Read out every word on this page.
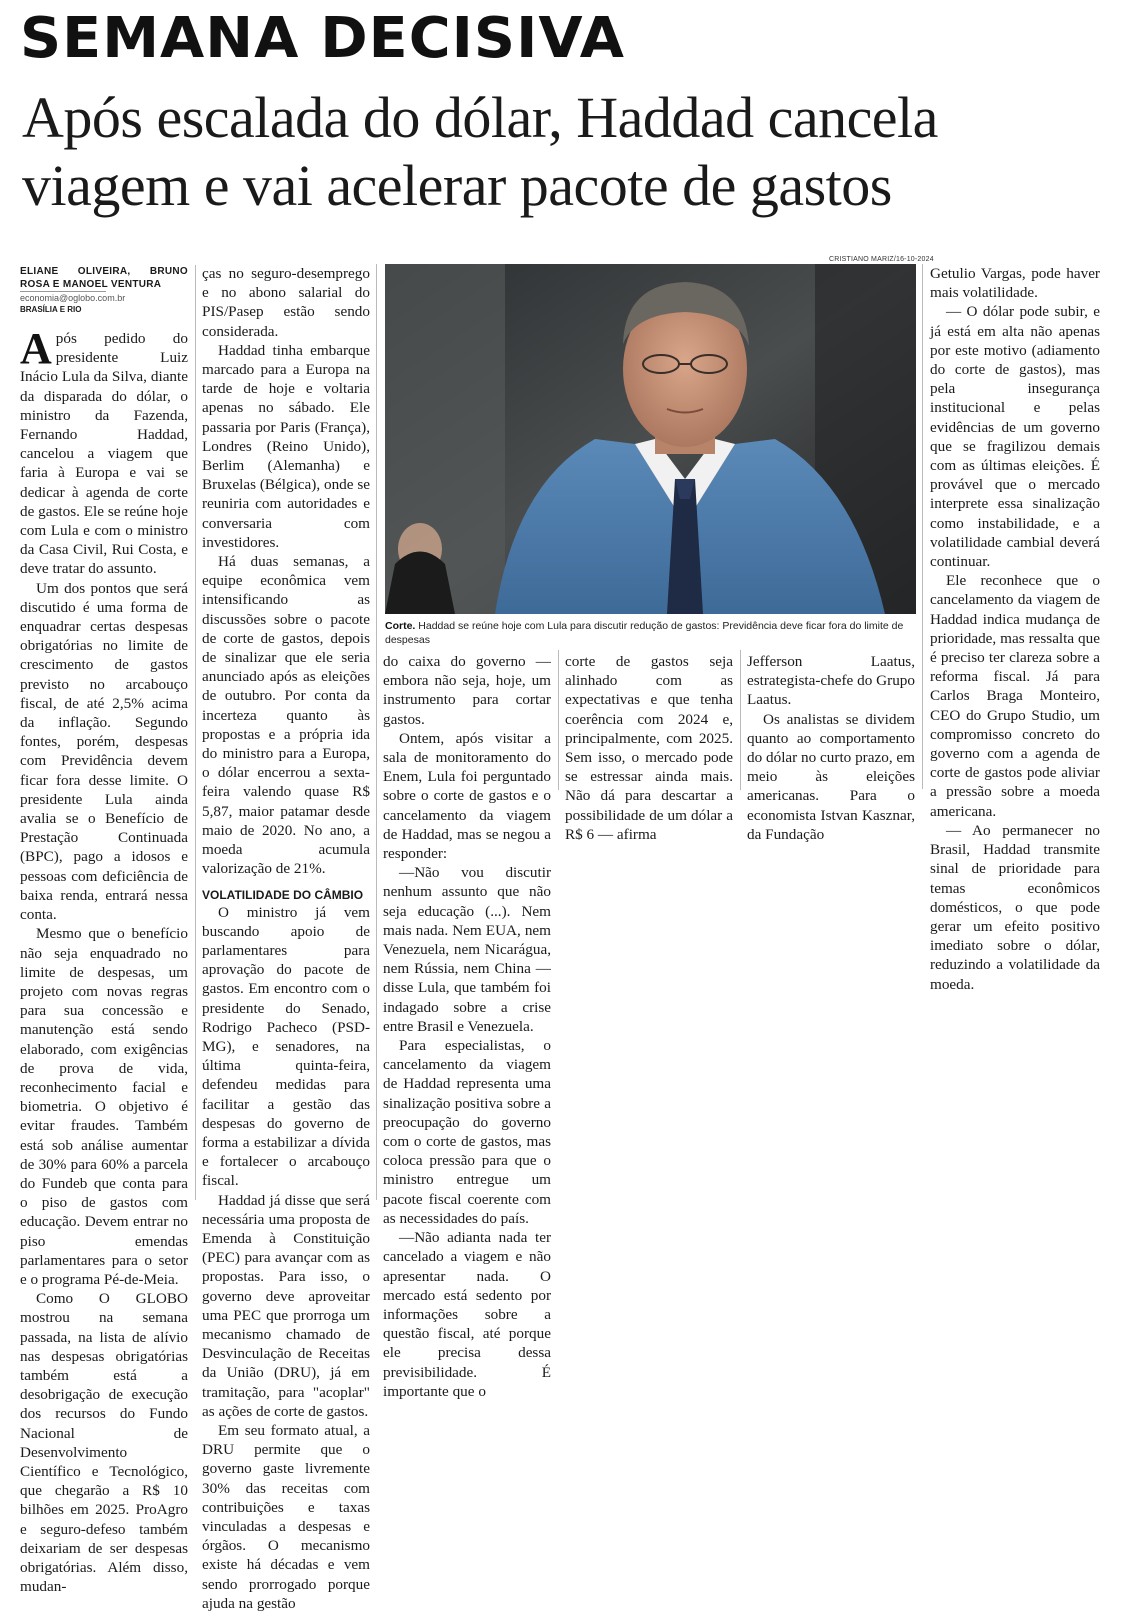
SEMANA DECISIVA
Após escalada do dólar, Haddad cancela viagem e vai acelerar pacote de gastos
ELIANE OLIVEIRA, BRUNO ROSA E MANOEL VENTURA
economia@oglobo.com.br
BRASÍLIA E RIO

Após pedido do presidente Luiz Inácio Lula da Silva, diante da disparada do dólar, o ministro da Fazenda, Fernando Haddad, cancelou a viagem que faria à Europa e vai se dedicar à agenda de corte de gastos. Ele se reúne hoje com Lula e com o ministro da Casa Civil, Rui Costa, e deve tratar do assunto.

Um dos pontos que será discutido é uma forma de enquadrar certas despesas obrigatórias no limite de crescimento de gastos previsto no arcabouço fiscal, de até 2,5% acima da inflação. Segundo fontes, porém, despesas com Previdência devem ficar fora desse limite. O presidente Lula ainda avalia se o Benefício de Prestação Continuada (BPC), pago a idosos e pessoas com deficiência de baixa renda, entrará nessa conta.

Mesmo que o benefício não seja enquadrado no limite de despesas, um projeto com novas regras para sua concessão e manutenção está sendo elaborado, com exigências de prova de vida, reconhecimento facial e biometria. O objetivo é evitar fraudes. Também está sob análise aumentar de 30% para 60% a parcela do Fundeb que conta para o piso de gastos com educação. Devem entrar no piso emendas parlamentares para o setor e o programa Pé-de-Meia.

Como O GLOBO mostrou na semana passada, na lista de alívio nas despesas obrigatórias também está a desobrigação de execução dos recursos do Fundo Nacional de Desenvolvimento Científico e Tecnológico, que chegarão a R$ 10 bilhões em 2025. ProAgro e seguro-defeso também deixariam de ser despesas obrigatórias. Além disso, mudan-

ças no seguro-desemprego e no abono salarial do PIS/Pasep estão sendo considerada.

Haddad tinha embarque marcado para a Europa na tarde de hoje e voltaria apenas no sábado. Ele passaria por Paris (França), Londres (Reino Unido), Berlim (Alemanha) e Bruxelas (Bélgica), onde se reuniria com autoridades e conversaria com investidores.

Há duas semanas, a equipe econômica vem intensificando as discussões sobre o pacote de corte de gastos, depois de sinalizar que ele seria anunciado após as eleições de outubro. Por conta da incerteza quanto às propostas e a própria ida do ministro para a Europa, o dólar encerrou a sexta-feira valendo quase R$ 5,87, maior patamar desde maio de 2020. No ano, a moeda acumula valorização de 21%.

VOLATILIDADE DO CÂMBIO

O ministro já vem buscando apoio de parlamentares para aprovação do pacote de gastos. Em encontro com o presidente do Senado, Rodrigo Pacheco (PSD-MG), e senadores, na última quinta-feira, defendeu medidas para facilitar a gestão das despesas do governo de forma a estabilizar a dívida e fortalecer o arcabouço fiscal.

Haddad já disse que será necessária uma proposta de Emenda à Constituição (PEC) para avançar com as propostas. Para isso, o governo deve aproveitar uma PEC que prorroga um mecanismo chamado de Desvinculação de Receitas da União (DRU), já em tramitação, para "acoplar" as ações de corte de gastos.

Em seu formato atual, a DRU permite que o governo gaste livremente 30% das receitas com contribuições e taxas vinculadas a despesas e órgãos. O mecanismo existe há décadas e vem sendo prorrogado porque ajuda na gestão

CRISTIANO MARIZ/16-10-2024
Corte. Haddad se reúne hoje com Lula para discutir redução de gastos: Previdência deve ficar fora do limite de despesas

do caixa do governo — embora não seja, hoje, um instrumento para cortar gastos.

Ontem, após visitar a sala de monitoramento do Enem, Lula foi perguntado sobre o corte de gastos e o cancelamento da viagem de Haddad, mas se negou a responder:

—Não vou discutir nenhum assunto que não seja educação (...). Nem mais nada. Nem EUA, nem Venezuela, nem Nicarágua, nem Rússia, nem China — disse Lula, que também foi indagado sobre a crise entre Brasil e Venezuela.

Para especialistas, o cancelamento da viagem de Haddad representa uma sinalização positiva sobre a preocupação do governo com o corte de gastos, mas coloca pressão para que o ministro entregue um pacote fiscal coerente com as necessidades do país.

—Não adianta nada ter cancelado a viagem e não apresentar nada. O mercado está sedento por informações sobre a questão fiscal, até porque ele precisa dessa previsibilidade. É importante que o

corte de gastos seja alinhado com as expectativas e que tenha coerência com 2024 e, principalmente, com 2025. Sem isso, o mercado pode se estressar ainda mais. Não dá para descartar a possibilidade de um dólar a R$ 6 — afirma

Jefferson Laatus, estrategista-chefe do Grupo Laatus.

Os analistas se dividem quanto ao comportamento do dólar no curto prazo, em meio às eleições americanas. Para o economista Istvan Kasznar, da Fundação

Getulio Vargas, pode haver mais volatilidade.

— O dólar pode subir, e já está em alta não apenas por este motivo (adiamento do corte de gastos), mas pela insegurança institucional e pelas evidências de um governo que se fragilizou demais com as últimas eleições. É provável que o mercado interprete essa sinalização como instabilidade, e a volatilidade cambial deverá continuar.

Ele reconhece que o cancelamento da viagem de Haddad indica mudança de prioridade, mas ressalta que é preciso ter clareza sobre a reforma fiscal. Já para Carlos Braga Monteiro, CEO do Grupo Studio, um compromisso concreto do governo com a agenda de corte de gastos pode aliviar a pressão sobre a moeda americana.

— Ao permanecer no Brasil, Haddad transmite sinal de prioridade para temas econômicos domésticos, o que pode gerar um efeito positivo imediato sobre o dólar, reduzindo a volatilidade da moeda.
